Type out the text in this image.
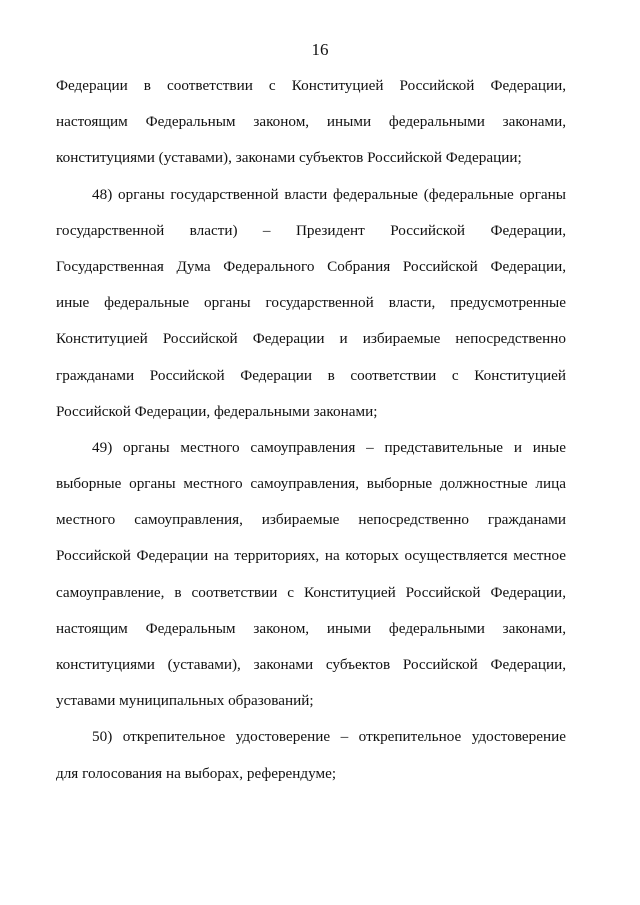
16
Федерации в соответствии с Конституцией Российской Федерации,
настоящим Федеральным законом, иными федеральными законами,
конституциями (уставами), законами субъектов Российской Федерации;
48) органы государственной власти федеральные (федеральные органы
государственной власти) – Президент Российской Федерации,
Государственная Дума Федерального Собрания Российской Федерации,
иные федеральные органы государственной власти, предусмотренные
Конституцией Российской Федерации и избираемые непосредственно
гражданами Российской Федерации в соответствии с Конституцией
Российской Федерации, федеральными законами;
49) органы местного самоуправления – представительные и иные
выборные органы местного самоуправления, выборные должностные лица
местного самоуправления, избираемые непосредственно гражданами
Российской Федерации на территориях, на которых осуществляется местное
самоуправление, в соответствии с Конституцией Российской Федерации,
настоящим Федеральным законом, иными федеральными законами,
конституциями (уставами), законами субъектов Российской Федерации,
уставами муниципальных образований;
50) открепительное удостоверение – открепительное удостоверение
для голосования на выборах, референдуме;
